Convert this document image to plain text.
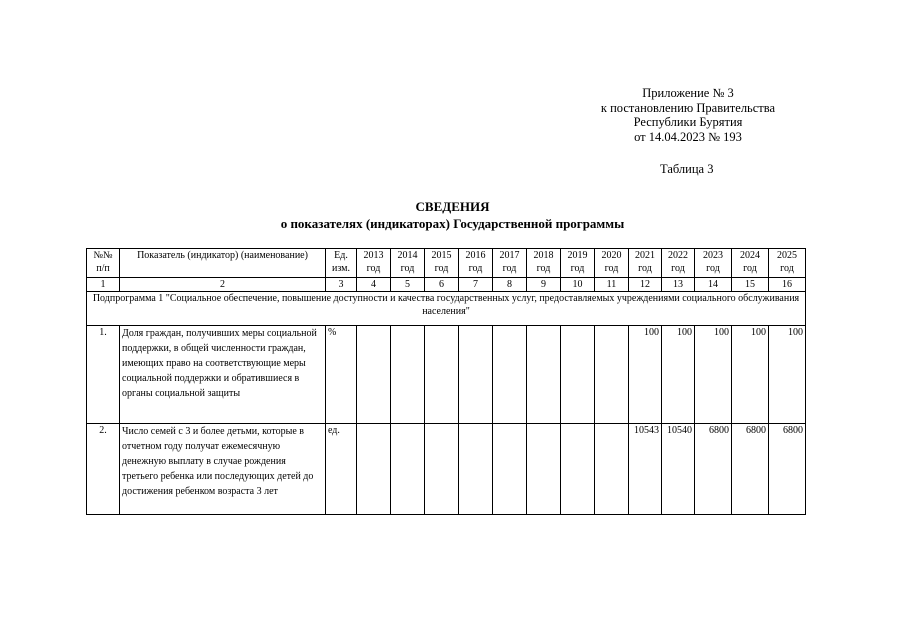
Приложение № 3
к постановлению Правительства
Республики Бурятия
от 14.04.2023 № 193
Таблица 3
СВЕДЕНИЯ
о показателях (индикаторах) Государственной программы
№№ п/п	Показатель (индикатор) (наименование)	Ед. изм.	2013 год	2014 год	2015 год	2016 год	2017 год	2018 год	2019 год	2020 год	2021 год	2022 год	2023 год	2024 год	2025 год
1	2	3	4	5	6	7	8	9	10	11	12	13	14	15	16
Подпрограмма 1 "Социальное обеспечение, повышение доступности и качества государственных услуг, предоставляемых учреждениями социального обслуживания населения"															
1.	Доля граждан, получивших меры социальной поддержки, в общей численности граждан, имеющих право на соответствующие меры социальной поддержки и обратившиеся в органы социальной защиты	%									100	100	100	100	100
2.	Число семей с 3 и более детьми, которые в отчетном году получат ежемесячную денежную выплату в случае рождения третьего ребенка или последующих детей до достижения ребенком возраста 3 лет	ед.									10543	10540	6800	6800	6800
